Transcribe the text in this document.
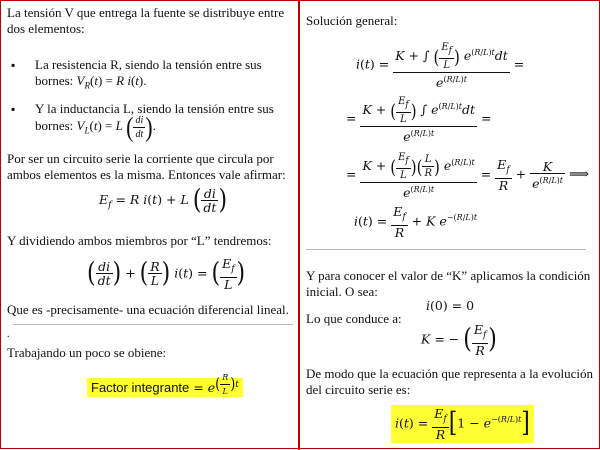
La tensión V que entrega la fuente se distribuye entre
dos elementos:
▪ La resistencia R, siendo la tensión entre sus
bornes: $V_R(t) = R$ i(t).
▪ Y la inductancia L, siendo la tensión entre sus
bornes: $V_L(t) = L$ ( $\frac{di}{dt}$ ).
Por ser un circuito serie la corriente que circula por
ambos elementos es la misma. Entonces vale afirmar:
$E_f = R$ i(t) + L ( $\frac{di}{dt}$ )
Y dividiendo ambos miembros por “L” tendremos:
( $\frac{di}{dt}$ ) + ( $\frac{R}{L}$ ) i(t) = ( $\frac{E_f}{L}$ )
Que es -precisamente- una ecuación diferencial lineal.
.
Trabajando un poco se obiene:
Factor integrante = $e^{( \frac{R}{L} )t}$
Solución general:
$i(t) = \frac{K + \int ( \frac{E_f}{L} ) e^{(R/L)t}dt}{e^{(R/L)t}}$ =
= $\frac{K + ( \frac{E_f}{L} ) \int e^{(R/L)t}dt}{e^{(R/L)t}}$ =
= $\frac{K + ( \frac{E_f}{L} )( \frac{L}{R} ) e^{(R/L)t}}{e^{(R/L)t}} = \frac{E_f}{R} + \frac{K}{e^{(R/L)t}}$ ⟹
$i(t) = \frac{E_f}{R} + K$ $e^{-(R/L)t}$
Y para conocer el valor de “K” aplicamos la condición
inicial. O sea:
i(0) = 0
Lo que conduce a:
K = − ( $\frac{E_f}{R}$ )
De modo que la ecuación que representa a la evolución
del circuito serie es:
$i(t) = \frac{E_f}{R} [1 - e^{-(R/L)t}]$
